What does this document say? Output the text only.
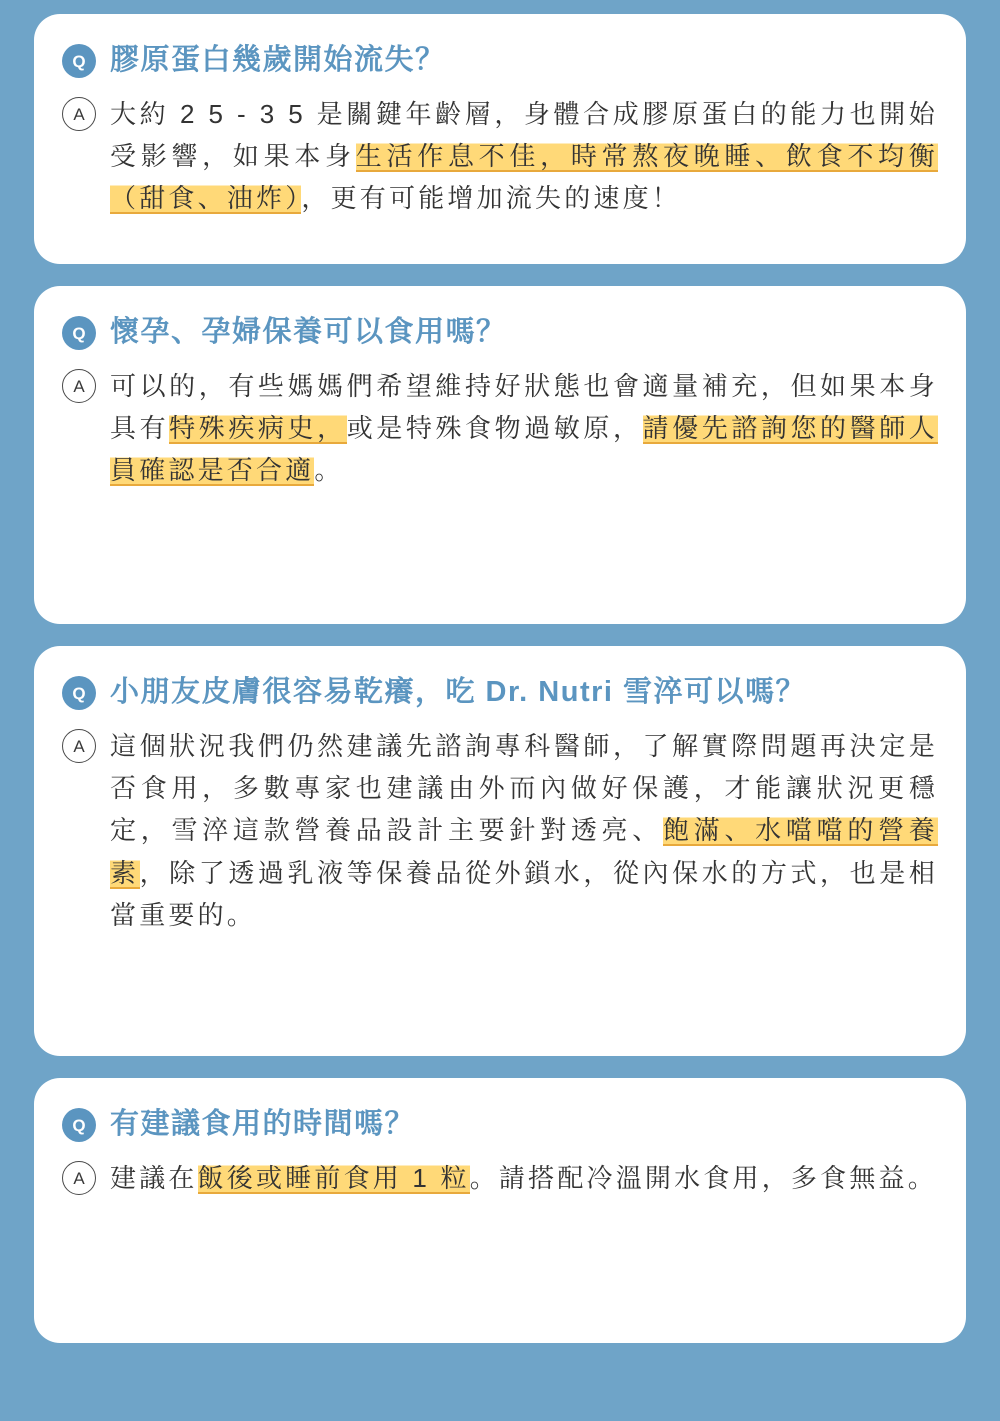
Q 膠原蛋白幾歲開始流失？
A 大約 2 5 - 3 5 是關鍵年齡層，身體合成膠原蛋白的能力也開始受影響，如果本身生活作息不佳，時常熬夜晚睡、飲食不均衡（甜食、油炸），更有可能增加流失的速度！
Q 懷孕、孕婦保養可以食用嗎？
A 可以的，有些媽媽們希望維持好狀態也會適量補充，但如果本身具有特殊疾病史，或是特殊食物過敏原，請優先諮詢您的醫師人員確認是否合適。
Q 小朋友皮膚很容易乾癢，吃 Dr. Nutri 雪淬可以嗎？
A 這個狀況我們仍然建議先諮詢專科醫師，了解實際問題再決定是否食用，多數專家也建議由外而內做好保護，才能讓狀況更穩定，雪淬這款營養品設計主要針對透亮、飽滿、水噹噹的營養素，除了透過乳液等保養品從外鎖水，從內保水的方式，也是相當重要的。
Q 有建議食用的時間嗎？
A 建議在飯後或睡前食用 1 粒。請搭配冷溫開水食用，多食無益。
